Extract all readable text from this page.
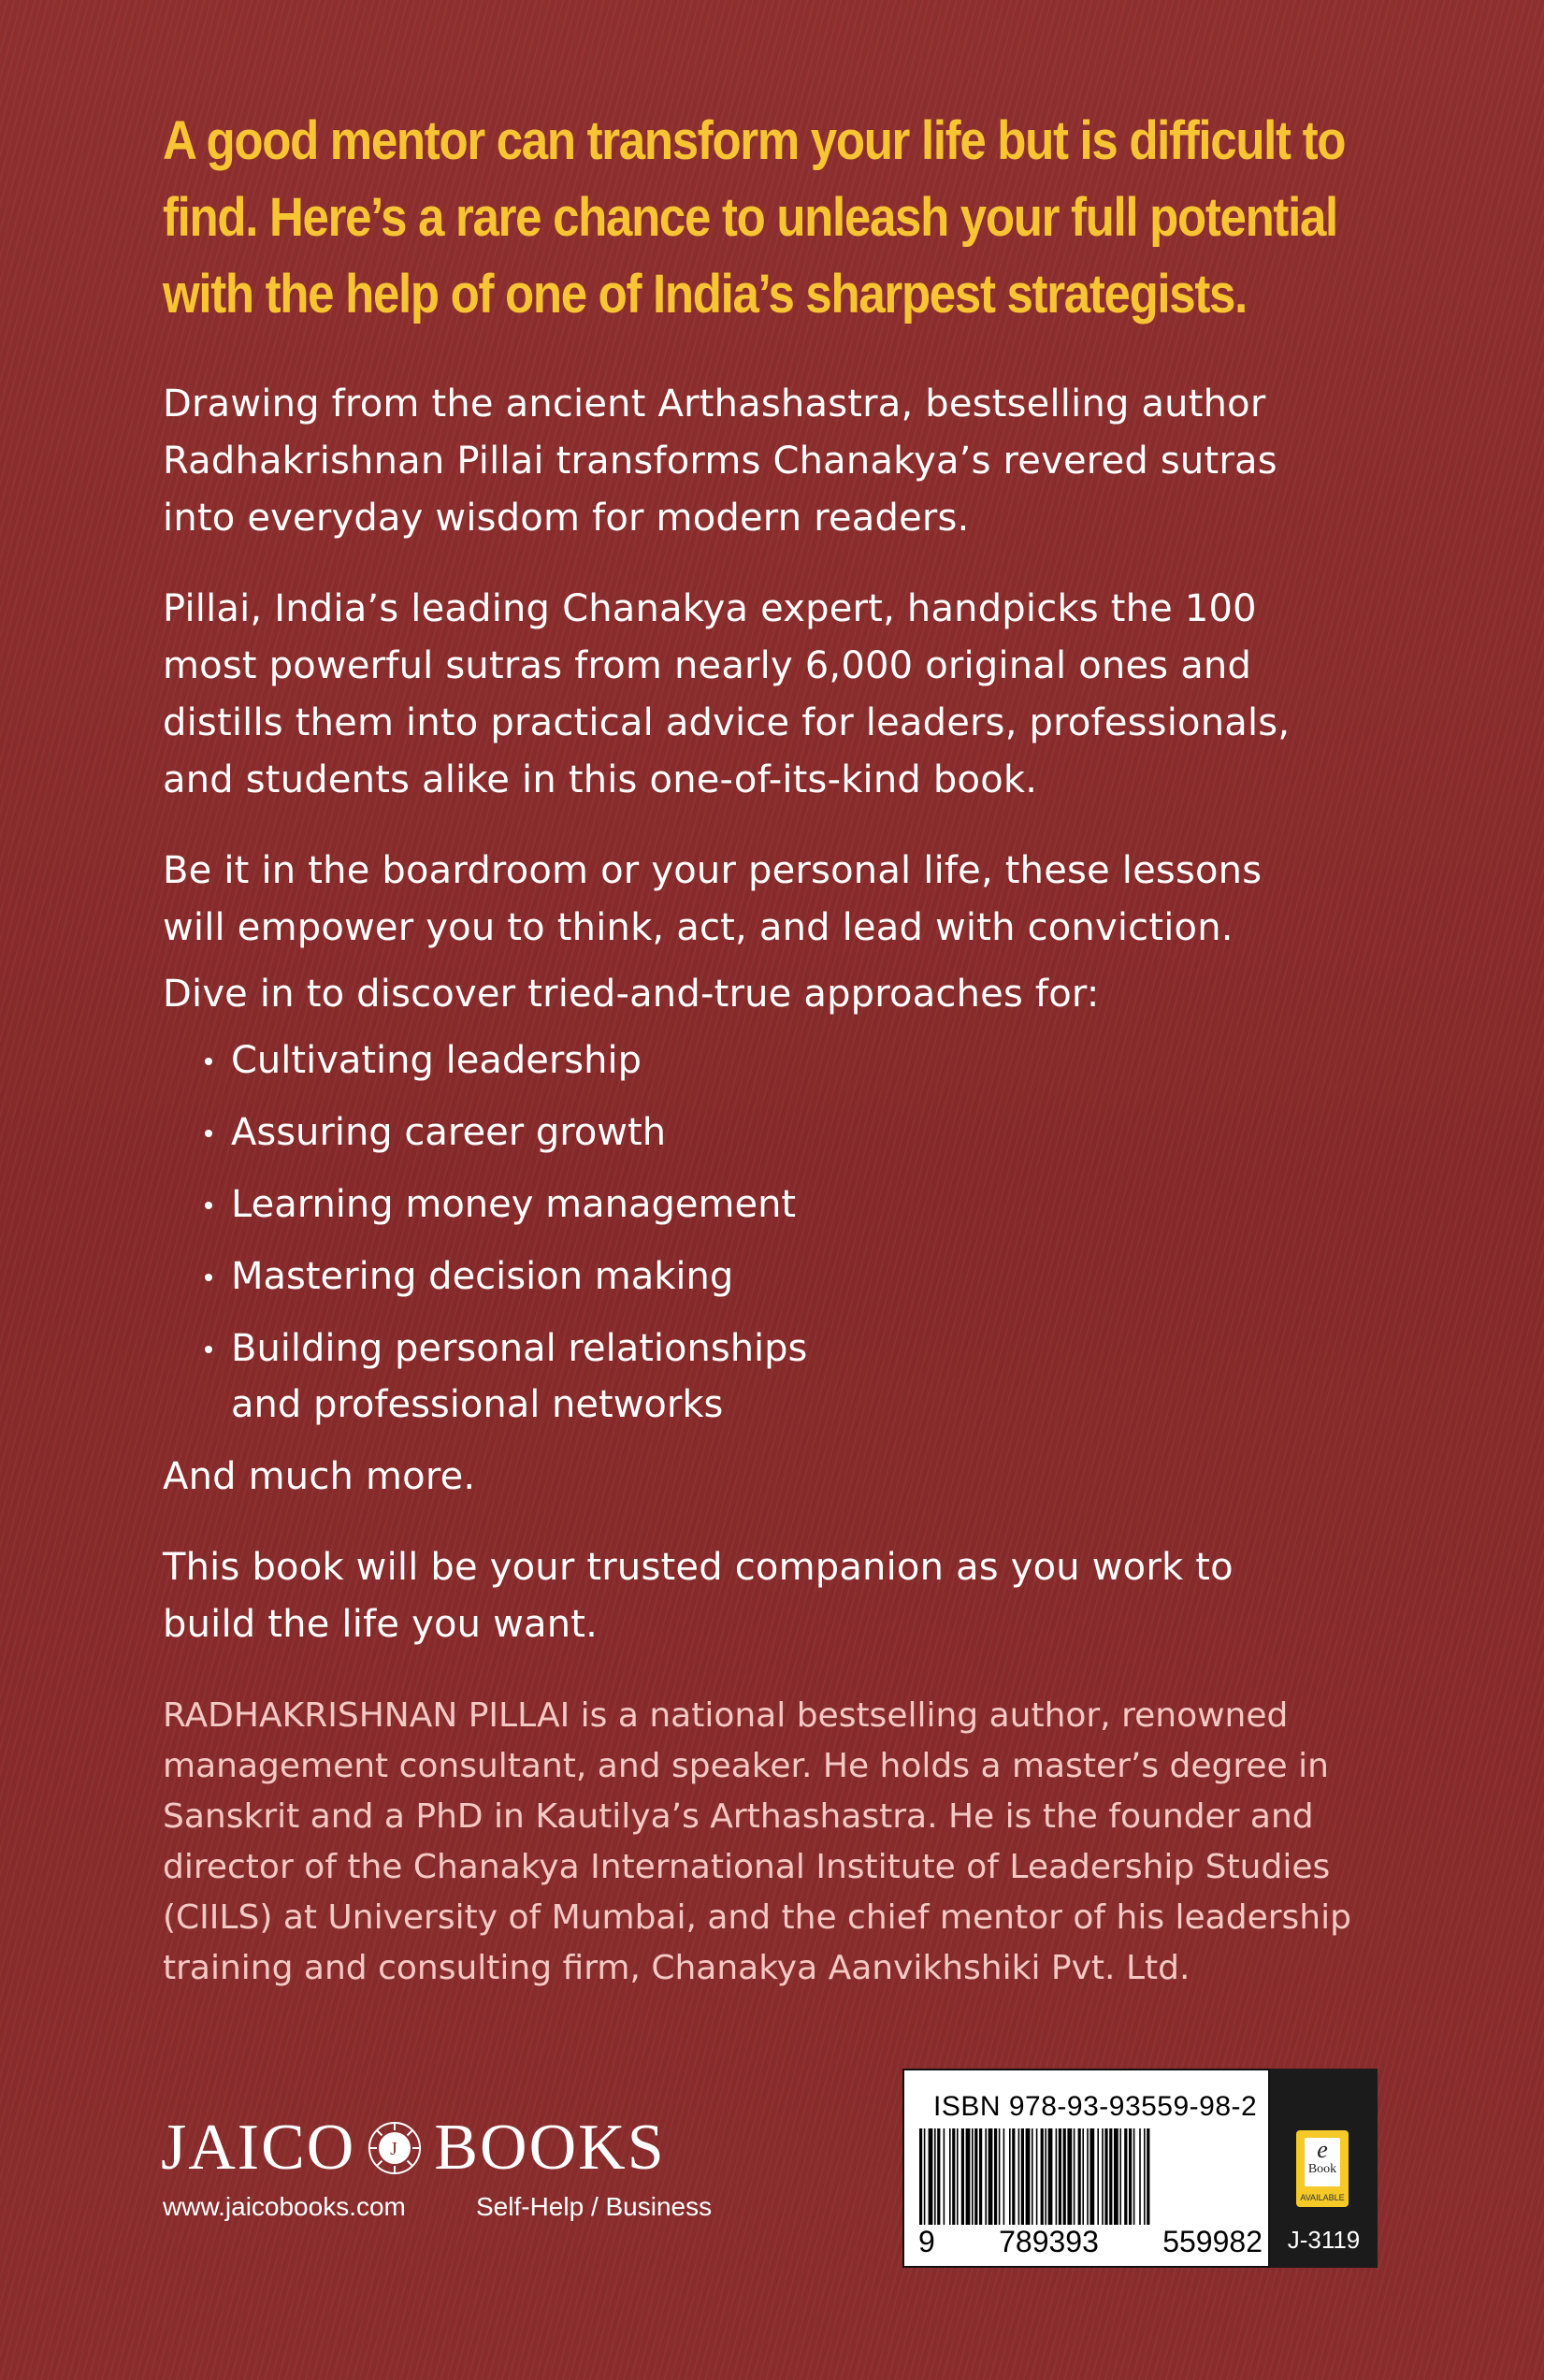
A good mentor can transform your life but is difficult to
find. Here’s a rare chance to unleash your full potential
with the help of one of India’s sharpest strategists.
Drawing from the ancient Arthashastra, bestselling author
Radhakrishnan Pillai transforms Chanakya’s revered sutras
into everyday wisdom for modern readers.
Pillai, India’s leading Chanakya expert, handpicks the 100
most powerful sutras from nearly 6,000 original ones and
distills them into practical advice for leaders, professionals,
and students alike in this one-of-its-kind book.
Be it in the boardroom or your personal life, these lessons
will empower you to think, act, and lead with conviction.
Dive in to discover tried-and-true approaches for:
Cultivating leadership
Assuring career growth
Learning money management
Mastering decision making
Building personal relationships
and professional networks
And much more.
This book will be your trusted companion as you work to
build the life you want.
RADHAKRISHNAN PILLAI is a national bestselling author, renowned
management consultant, and speaker. He holds a master’s degree in
Sanskrit and a PhD in Kautilya’s Arthashastra. He is the founder and
director of the Chanakya International Institute of Leadership Studies
(CIILS) at University of Mumbai, and the chief mentor of his leadership
training and consulting firm, Chanakya Aanvikhshiki Pvt. Ltd.
JAICO J BOOKS
www.jaicobooks.com	Self-Help / Business
ISBN 978-93-93559-98-2
9 789393 559982
e
Book
AVAILABLE
J-3119
